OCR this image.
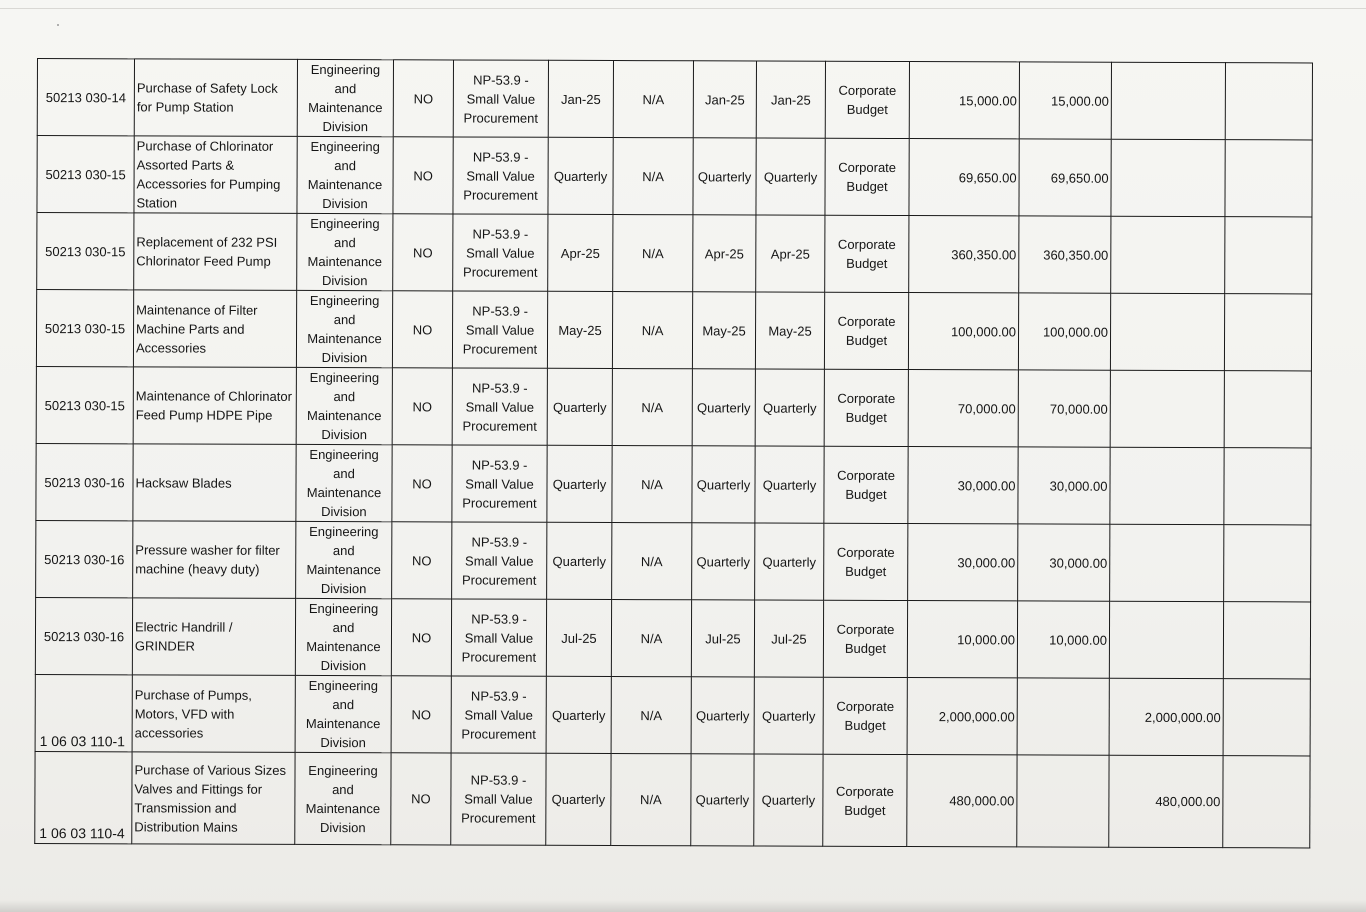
50213 030-14	Purchase of Safety Lock for Pump Station	Engineering and Maintenance Division	NO	NP-53.9 - Small Value Procurement	Jan-25	N/A	Jan-25	Jan-25	Corporate Budget	15,000.00	15,000.00		
50213 030-15	Purchase of Chlorinator Assorted Parts & Accessories for Pumping Station	Engineering and Maintenance Division	NO	NP-53.9 - Small Value Procurement	Quarterly	N/A	Quarterly	Quarterly	Corporate Budget	69,650.00	69,650.00		
50213 030-15	Replacement of 232 PSI Chlorinator Feed Pump	Engineering and Maintenance Division	NO	NP-53.9 - Small Value Procurement	Apr-25	N/A	Apr-25	Apr-25	Corporate Budget	360,350.00	360,350.00		
50213 030-15	Maintenance of Filter Machine Parts and Accessories	Engineering and Maintenance Division	NO	NP-53.9 - Small Value Procurement	May-25	N/A	May-25	May-25	Corporate Budget	100,000.00	100,000.00		
50213 030-15	Maintenance of Chlorinator Feed Pump HDPE Pipe	Engineering and Maintenance Division	NO	NP-53.9 - Small Value Procurement	Quarterly	N/A	Quarterly	Quarterly	Corporate Budget	70,000.00	70,000.00		
50213 030-16	Hacksaw Blades	Engineering and Maintenance Division	NO	NP-53.9 - Small Value Procurement	Quarterly	N/A	Quarterly	Quarterly	Corporate Budget	30,000.00	30,000.00		
50213 030-16	Pressure washer for filter machine (heavy duty)	Engineering and Maintenance Division	NO	NP-53.9 - Small Value Procurement	Quarterly	N/A	Quarterly	Quarterly	Corporate Budget	30,000.00	30,000.00		
50213 030-16	Electric Handrill / GRINDER	Engineering and Maintenance Division	NO	NP-53.9 - Small Value Procurement	Jul-25	N/A	Jul-25	Jul-25	Corporate Budget	10,000.00	10,000.00		
1 06 03 110-1	Purchase of Pumps, Motors, VFD with accessories	Engineering and Maintenance Division	NO	NP-53.9 - Small Value Procurement	Quarterly	N/A	Quarterly	Quarterly	Corporate Budget	2,000,000.00		2,000,000.00	
1 06 03 110-4	Purchase of Various Sizes Valves and Fittings for Transmission and Distribution Mains	Engineering and Maintenance Division	NO	NP-53.9 - Small Value Procurement	Quarterly	N/A	Quarterly	Quarterly	Corporate Budget	480,000.00		480,000.00	
